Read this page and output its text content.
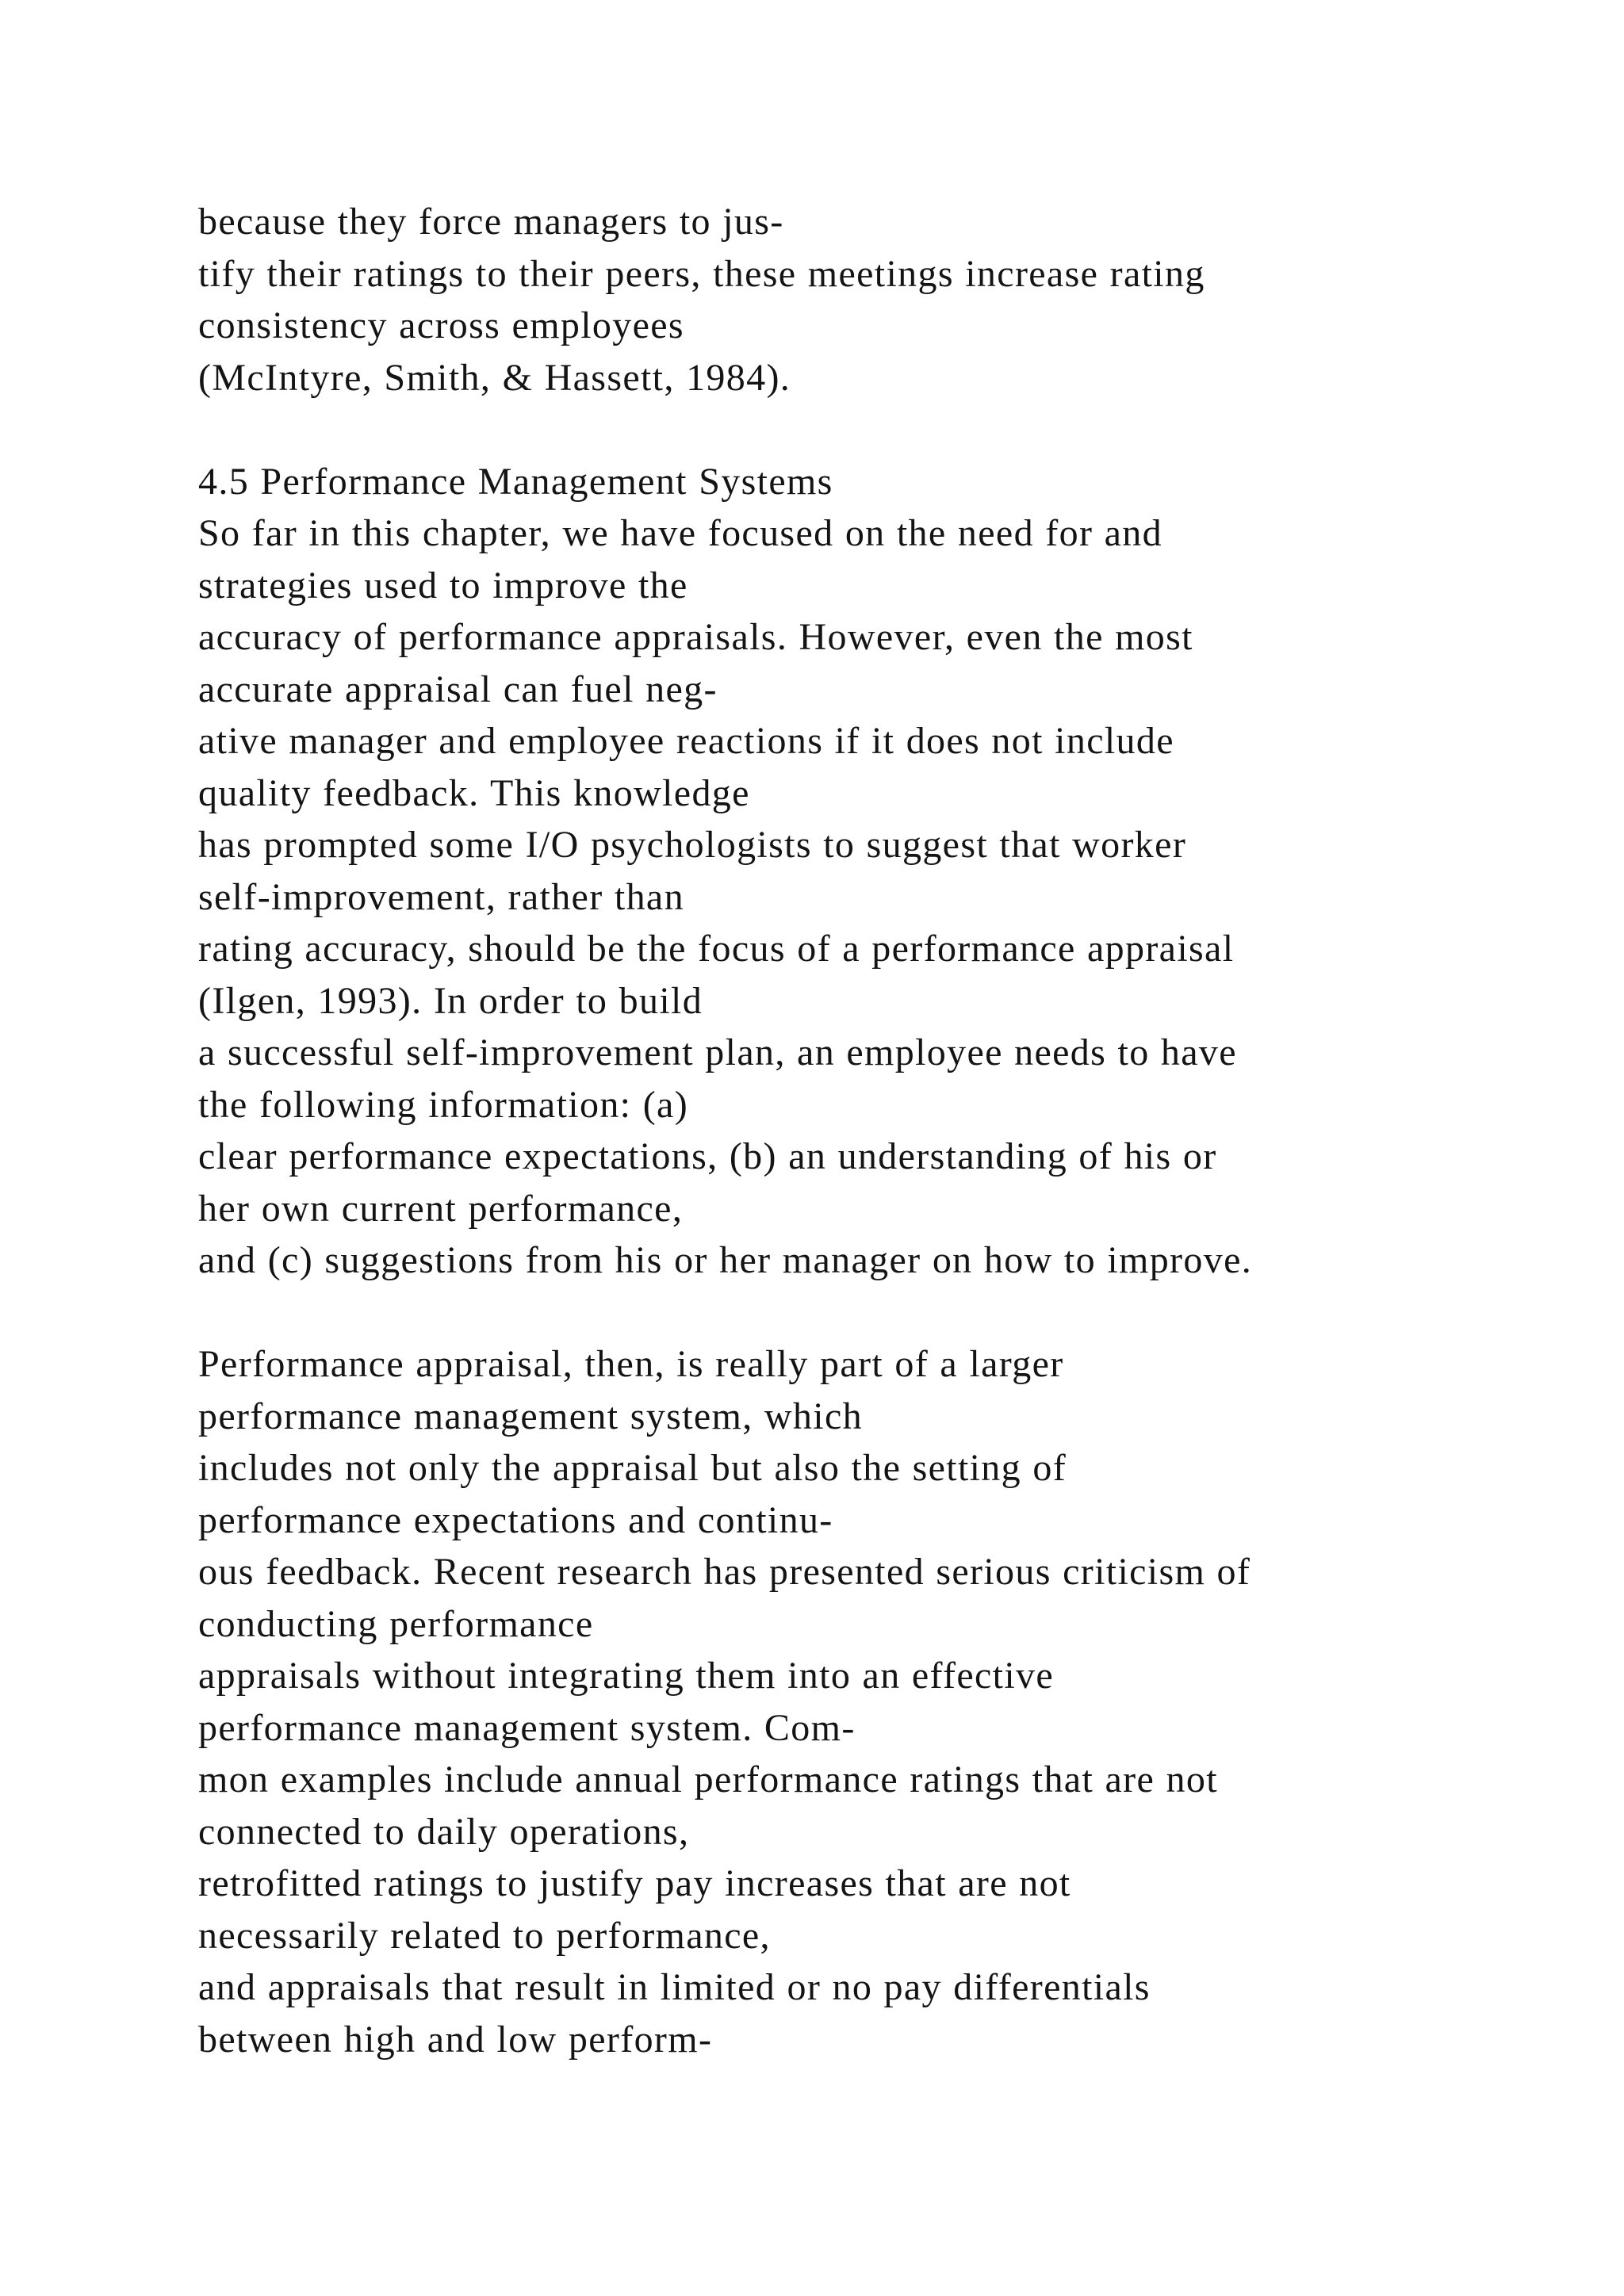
because they force managers to jus-
tify their ratings to their peers, these meetings increase rating
consistency across employees
(McIntyre, Smith, & Hassett, 1984).
4.5 Performance Management Systems
So far in this chapter, we have focused on the need for and
strategies used to improve the
accuracy of performance appraisals. However, even the most
accurate appraisal can fuel neg-
ative manager and employee reactions if it does not include
quality feedback. This knowledge
has prompted some I/O psychologists to suggest that worker
self-improvement, rather than
rating accuracy, should be the focus of a performance appraisal
(Ilgen, 1993). In order to build
a successful self-improvement plan, an employee needs to have
the following information: (a)
clear performance expectations, (b) an understanding of his or
her own current performance,
and (c) suggestions from his or her manager on how to improve.
Performance appraisal, then, is really part of a larger
performance management system, which
includes not only the appraisal but also the setting of
performance expectations and continu-
ous feedback. Recent research has presented serious criticism of
conducting performance
appraisals without integrating them into an effective
performance management system. Com-
mon examples include annual performance ratings that are not
connected to daily operations,
retrofitted ratings to justify pay increases that are not
necessarily related to performance,
and appraisals that result in limited or no pay differentials
between high and low perform-
